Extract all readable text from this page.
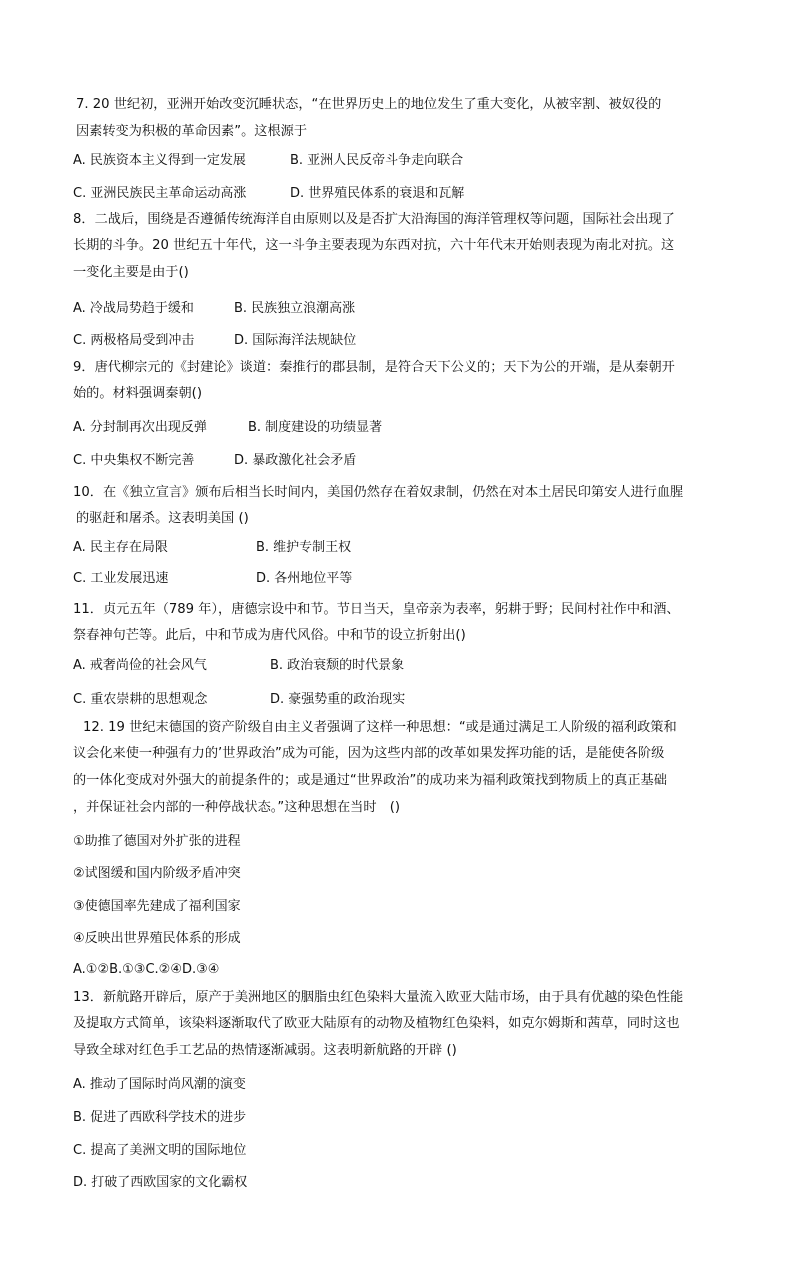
7. 20 世纪初，亚洲开始改变沉睡状态，“在世界历史上的地位发生了重大变化，从被宰割、被奴役的
因素转变为积极的革命因素”。这根源于
A. 民族资本主义得到一定发展	B. 亚洲人民反帝斗争走向联合
C. 亚洲民族民主革命运动高涨	D. 世界殖民体系的衰退和瓦解
8．二战后，围绕是否遵循传统海洋自由原则以及是否扩大沿海国的海洋管理权等问题，国际社会出现了
长期的斗争。20 世纪五十年代，这一斗争主要表现为东西对抗，六十年代末开始则表现为南北对抗。这
一变化主要是由于()
A. 冷战局势趋于缓和	B. 民族独立浪潮高涨
C. 两极格局受到冲击	D. 国际海洋法规缺位
9．唐代柳宗元的《封建论》谈道：秦推行的郡县制，是符合天下公义的；天下为公的开端，是从秦朝开
始的。材料强调秦朝()
A. 分封制再次出现反弹	B. 制度建设的功绩显著
C. 中央集权不断完善	D. 暴政激化社会矛盾
10．在《独立宣言》颁布后相当长时间内，美国仍然存在着奴隶制，仍然在对本土居民印第安人进行血腥
的驱赶和屠杀。这表明美国 ()
A. 民主存在局限	B. 维护专制王权
C. 工业发展迅速	D. 各州地位平等
11．贞元五年（789 年），唐德宗设中和节。节日当天，皇帝亲为表率，躬耕于野；民间村社作中和酒、
祭春神句芒等。此后，中和节成为唐代风俗。中和节的设立折射出()
A. 戒奢尚俭的社会风气	B. 政治衰颓的时代景象
C. 重农崇耕的思想观念	D. 豪强势重的政治现实
12. 19 世纪末德国的资产阶级自由主义者强调了这样一种思想：“或是通过满足工人阶级的福利政策和
议会化来使一种强有力的’世界政治”成为可能，因为这些内部的改革如果发挥功能的话，是能使各阶级
的一体化变成对外强大的前提条件的；或是通过“世界政治”的成功来为福利政策找到物质上的真正基础
，并保证社会内部的一种停战状态。”这种思想在当时　()
①助推了德国对外扩张的进程
②试图缓和国内阶级矛盾冲突
③使德国率先建成了福利国家
④反映出世界殖民体系的形成
A.①②B.①③C.②④D.③④
13．新航路开辟后，原产于美洲地区的胭脂虫红色染料大量流入欧亚大陆市场，由于具有优越的染色性能
及提取方式简单，该染料逐渐取代了欧亚大陆原有的动物及植物红色染料，如克尔姆斯和茜草，同时这也
导致全球对红色手工艺品的热情逐渐减弱。这表明新航路的开辟 ()
A. 推动了国际时尚风潮的演变
B. 促进了西欧科学技术的进步
C. 提高了美洲文明的国际地位
D. 打破了西欧国家的文化霸权
